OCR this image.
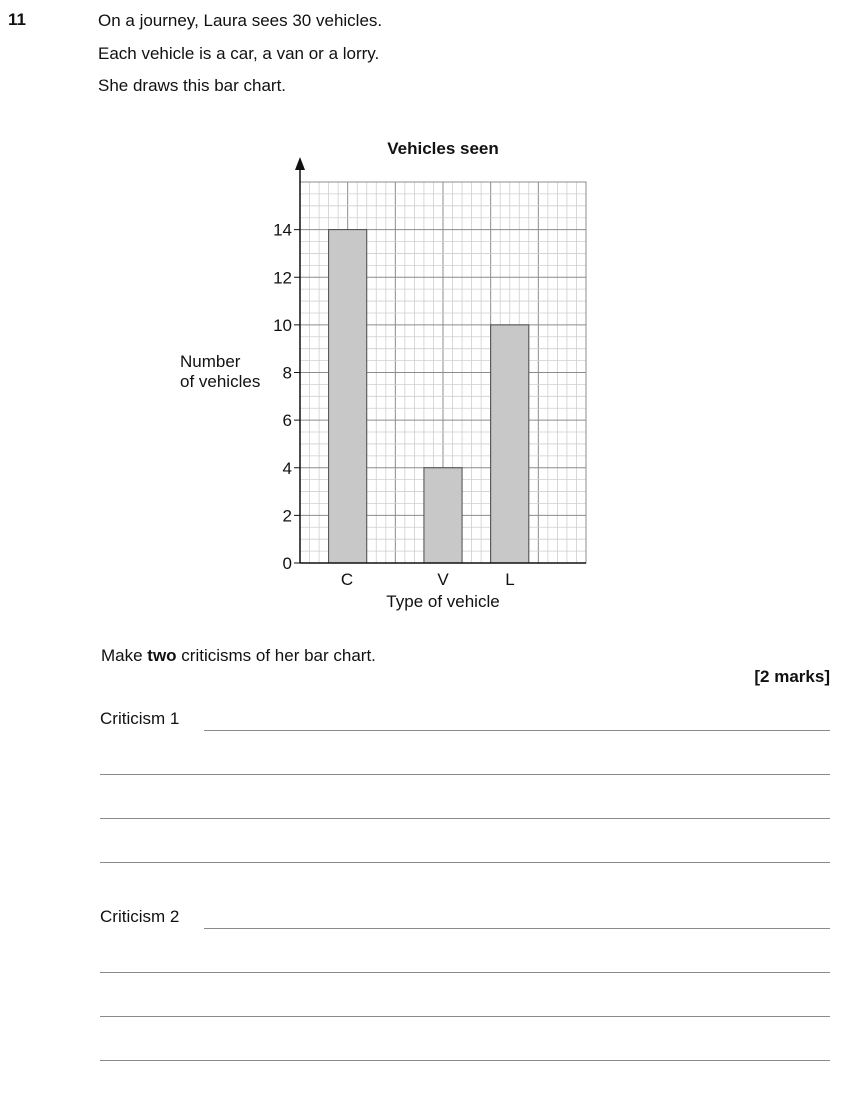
11	On a journey, Laura sees 30 vehicles.
Each vehicle is a car, a van or a lorry.
She draws this bar chart.
C	V	L
0
2
4
6
8
10
12
14
Vehicles seen
Number of vehicles
Type of vehicle
Make two criticisms of her bar chart.
[2 marks]
Criticism 1
Criticism 2
